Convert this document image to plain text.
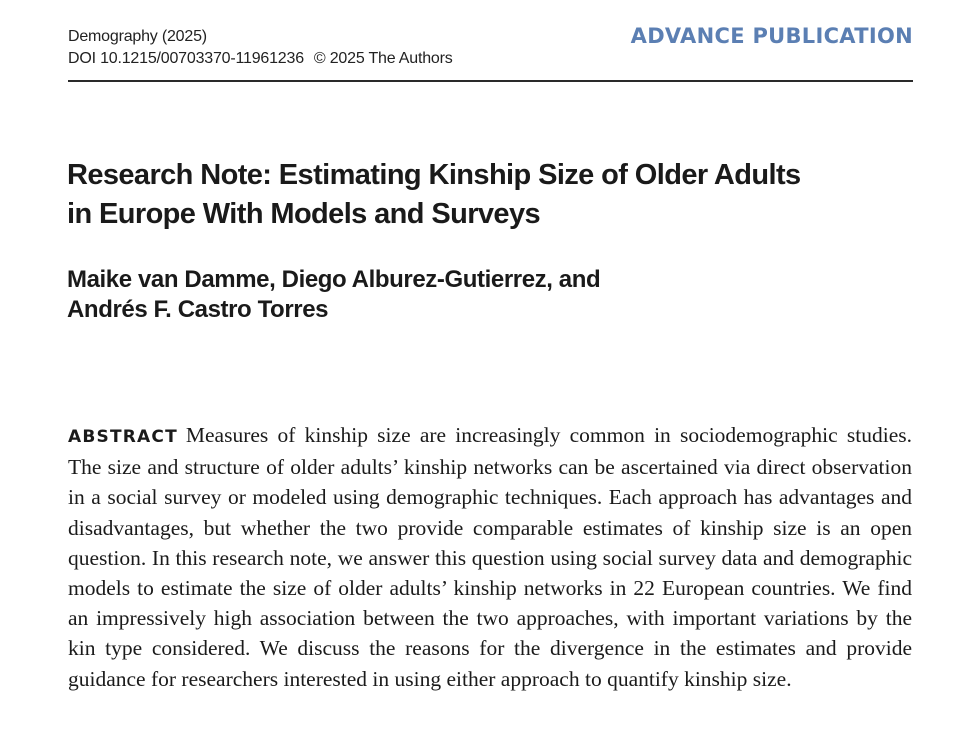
Demography (2025)
DOI 10.1215/00703370-11961236 © 2025 The Authors
ADVANCE PUBLICATION
Research Note: Estimating Kinship Size of Older Adults
in Europe With Models and Surveys
Maike van Damme, Diego Alburez-Gutierrez, and
Andrés F. Castro Torres
ABSTRACT Measures of kinship size are increasingly common in sociodemographic studies. The size and structure of older adults’ kinship networks can be ascertained via direct observation in a social survey or modeled using demographic techniques. Each approach has advantages and disadvantages, but whether the two provide comparable estimates of kinship size is an open question. In this research note, we answer this question using social survey data and demographic models to estimate the size of older adults’ kinship networks in 22 European countries. We find an impressively high association between the two approaches, with important variations by the kin type considered. We discuss the reasons for the divergence in the estimates and provide guidance for researchers interested in using either approach to quantify kinship size.
